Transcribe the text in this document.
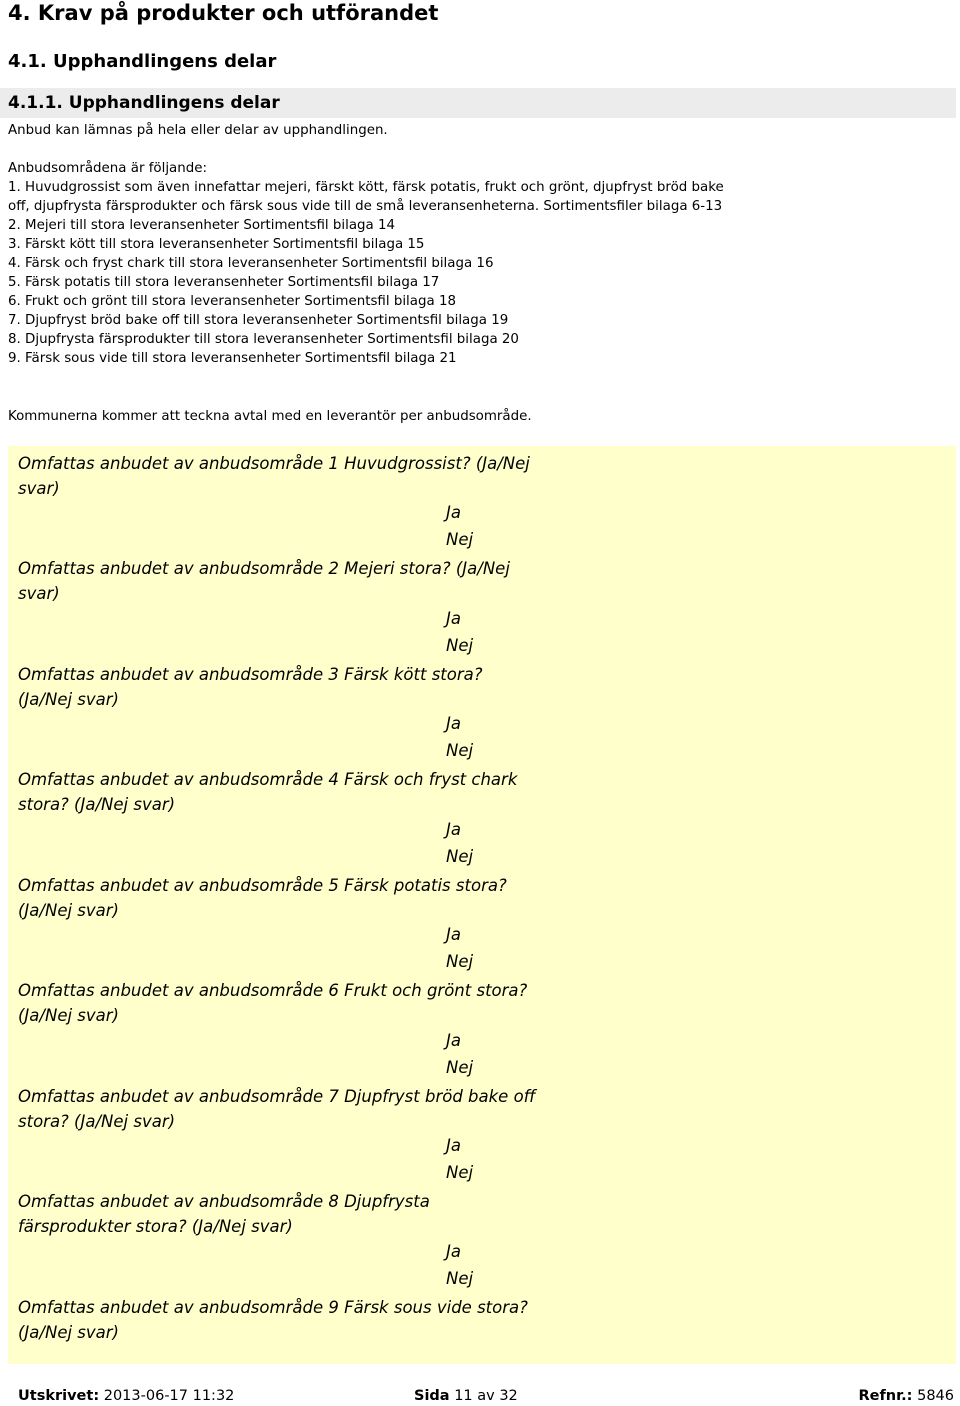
4. Krav på produkter och utförandet
4.1. Upphandlingens delar
4.1.1. Upphandlingens delar
Anbud kan lämnas på hela eller delar av upphandlingen.
Anbudsområdena är följande:
1. Huvudgrossist som även innefattar mejeri, färskt kött, färsk potatis, frukt och grönt, djupfryst bröd bake
off, djupfrysta färsprodukter och färsk sous vide till de små leveransenheterna. Sortimentsfiler bilaga 6-13
2. Mejeri till stora leveransenheter Sortimentsfil bilaga 14
3. Färskt kött till stora leveransenheter Sortimentsfil bilaga 15
4. Färsk och fryst chark till stora leveransenheter Sortimentsfil bilaga 16
5. Färsk potatis till stora leveransenheter Sortimentsfil bilaga 17
6. Frukt och grönt till stora leveransenheter Sortimentsfil bilaga 18
7. Djupfryst bröd bake off till stora leveransenheter Sortimentsfil bilaga 19
8. Djupfrysta färsprodukter till stora leveransenheter Sortimentsfil bilaga 20
9. Färsk sous vide till stora leveransenheter Sortimentsfil bilaga 21
Kommunerna kommer att teckna avtal med en leverantör per anbudsområde.
Omfattas anbudet av anbudsområde 1 Huvudgrossist? (Ja/Nej
svar)
Ja
Nej
Omfattas anbudet av anbudsområde 2 Mejeri stora? (Ja/Nej
svar)
Ja
Nej
Omfattas anbudet av anbudsområde 3 Färsk kött stora?
(Ja/Nej svar)
Ja
Nej
Omfattas anbudet av anbudsområde 4 Färsk och fryst chark
stora? (Ja/Nej svar)
Ja
Nej
Omfattas anbudet av anbudsområde 5 Färsk potatis stora?
(Ja/Nej svar)
Ja
Nej
Omfattas anbudet av anbudsområde 6 Frukt och grönt stora?
(Ja/Nej svar)
Ja
Nej
Omfattas anbudet av anbudsområde 7 Djupfryst bröd bake off
stora? (Ja/Nej svar)
Ja
Nej
Omfattas anbudet av anbudsområde 8 Djupfrysta
färsprodukter stora? (Ja/Nej svar)
Ja
Nej
Omfattas anbudet av anbudsområde 9 Färsk sous vide stora?
(Ja/Nej svar)
Utskrivet: 2013-06-17 11:32	Sida 11 av 32	Refnr.: 5846
